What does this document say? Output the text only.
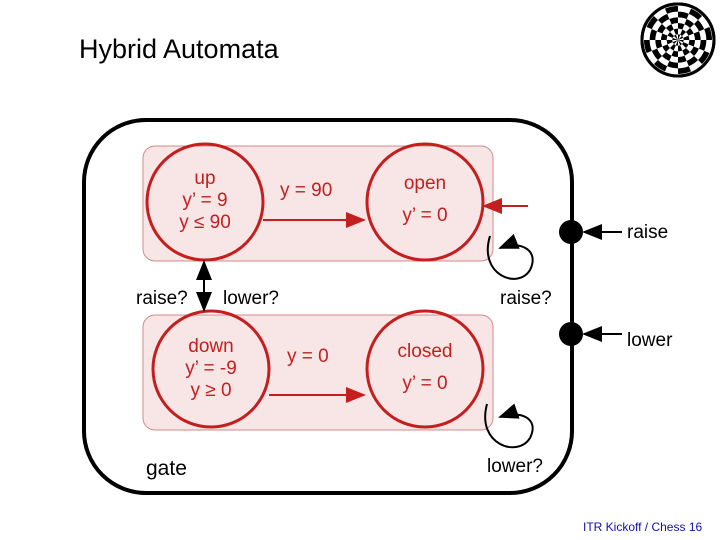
Hybrid Automata
up
y’ = 9
y ≤ 90
open
y’ = 0
down
y’ = -9
y ≥ 0
closed
y’ = 0
y = 90
y = 0
raise? lower?	raise?
lower?
raise
lower
gate
ITR Kickoff / Chess 16
